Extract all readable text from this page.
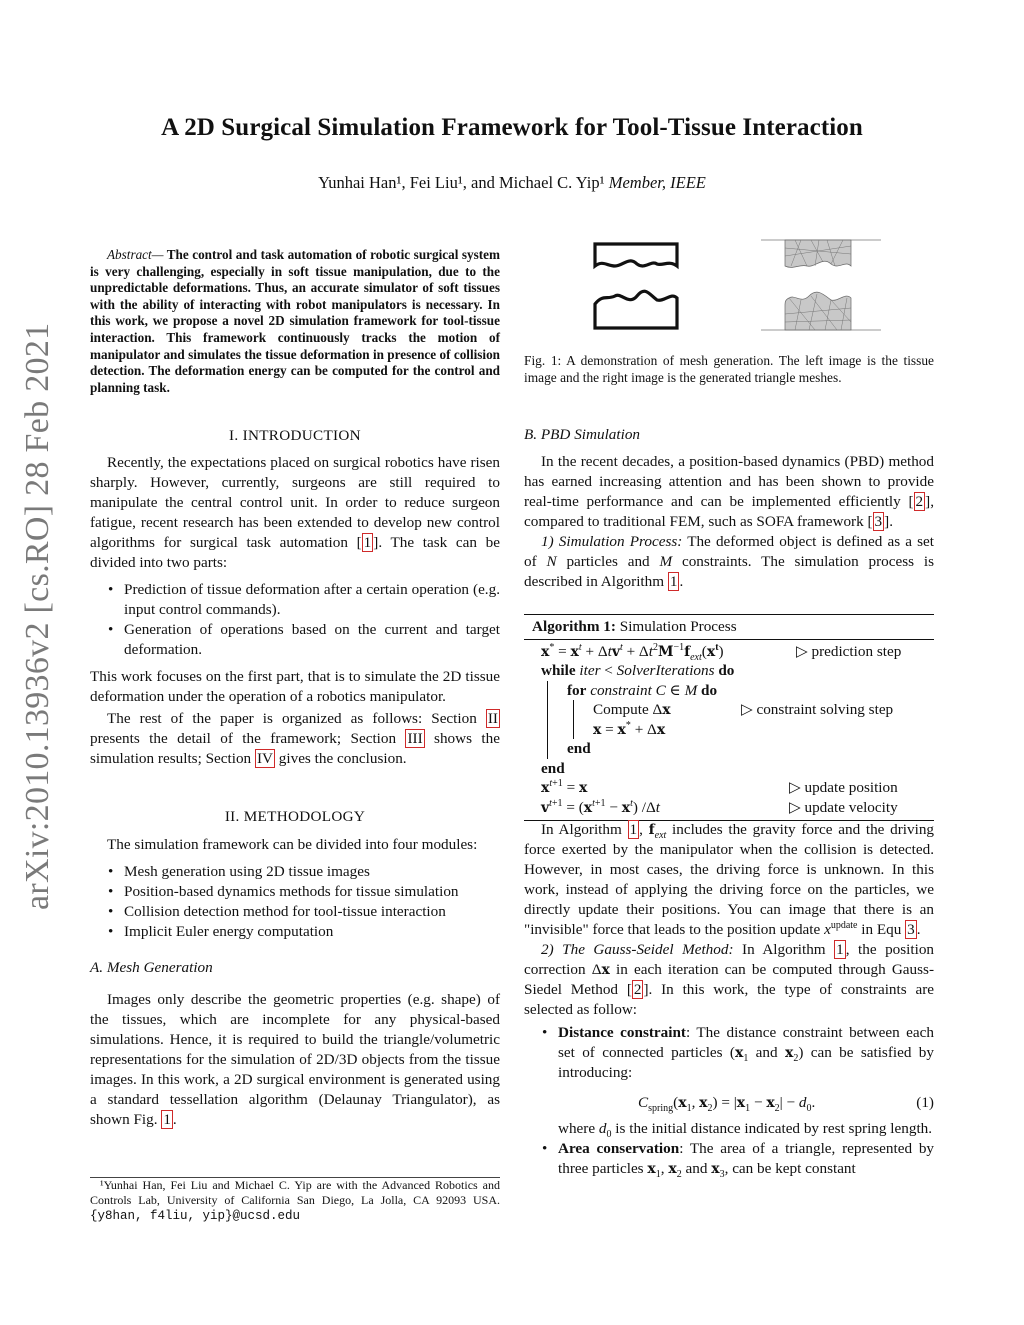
A 2D Surgical Simulation Framework for Tool-Tissue Interaction
Yunhai Han¹, Fei Liu¹, and Michael C. Yip¹ Member, IEEE
arXiv:2010.13936v2 [cs.RO] 28 Feb 2021

Abstract— The control and task automation of robotic surgical system is very challenging, especially in soft tissue manipulation, due to the unpredictable deformations. Thus, an accurate simulator of soft tissues with the ability of interacting with robot manipulators is necessary. In this work, we propose a novel 2D simulation framework for tool-tissue interaction. This framework continuously tracks the motion of manipulator and simulates the tissue deformation in presence of collision detection. The deformation energy can be computed for the control and planning task.

I. INTRODUCTION

Recently, the expectations placed on surgical robotics have risen sharply. However, currently, surgeons are still required to manipulate the central control unit. In order to reduce surgeon fatigue, recent research has been extended to develop new control algorithms for surgical task automation [ 1 ]. The task can be divided into two parts:

• Prediction of tissue deformation after a certain operation (e.g. input control commands).
• Generation of operations based on the current and target deformation.

This work focuses on the first part, that is to simulate the 2D tissue deformation under the operation of a robotics manipulator.

The rest of the paper is organized as follows: Section II presents the detail of the framework; Section III shows the simulation results; Section IV gives the conclusion.

II. METHODOLOGY

The simulation framework can be divided into four modules:

• Mesh generation using 2D tissue images
• Position-based dynamics methods for tissue simulation
• Collision detection method for tool-tissue interaction
• Implicit Euler energy computation
A. Mesh Generation

Images only describe the geometric properties (e.g. shape) of the tissues, which are incomplete for any physical-based simulations. Hence, it is required to build the triangle/volumetric representations for the simulation of 2D/3D objects from the tissue images. In this work, a 2D surgical environment is generated using a standard tessellation algorithm (Delaunay Triangulator), as shown Fig. 1 .

¹Yunhai Han, Fei Liu and Michael C. Yip are with the Advanced Robotics and Controls Lab, University of California San Diego, La Jolla, CA 92093 USA. {y8han, f4liu, yip}@ucsd.edu

Fig. 1: A demonstration of mesh generation. The left image is the tissue image and the right image is the generated triangle meshes.
B. PBD Simulation

In the recent decades, a position-based dynamics (PBD) method has earned increasing attention and has been shown to provide real-time performance and can be implemented efficiently [ 2 ], compared to traditional FEM, such as SOFA framework [ 3 ].

1) Simulation Process: The deformed object is defined as a set of N particles and M constraints. The simulation process is described in Algorithm 1 .

Algorithm 1: Simulation Process
$x^* = x^t + \Delta tv^t + \Delta t^2M^{-1}f_{ext}(x^t)$	▷ prediction step
while iter < SolverIterations do
for constraint C ∈ M do
Compute Δx	▷ constraint solving step
x = x* + Δx
end
end
$x^{t+1} = x$	▷ update position
$v^{t+1} = (x^{t+1} - x^t)$ /Δt	▷ update velocity

In Algorithm 1 , $f_{ext}$ includes the gravity force and the driving force exerted by the manipulator when the collision is detected. However, in most cases, the driving force is unknown. In this work, instead of applying the driving force on the particles, we directly update their positions. You can image that there is an "invisible" force that leads to the position update $x^{update}$ in Equ 3 .

2) The Gauss-Seidel Method: In Algorithm 1 , the position correction Δx in each iteration can be computed through Gauss-Siedel Method [ 2 ]. In this work, the type of constraints are selected as follow:

• Distance constraint: The distance constraint between each set of connected particles ($x_1$ and $x_2$) can be satisfied by introducing:
$C_{spring}(x_1$, $x_2) = |x_1 - x_2| - d_0$.	(1)
where $d_0$ is the initial distance indicated by rest spring length.
• Area conservation: The area of a triangle, represented by three particles $x_1$, $x_2$ and $x_3$, can be kept constant
